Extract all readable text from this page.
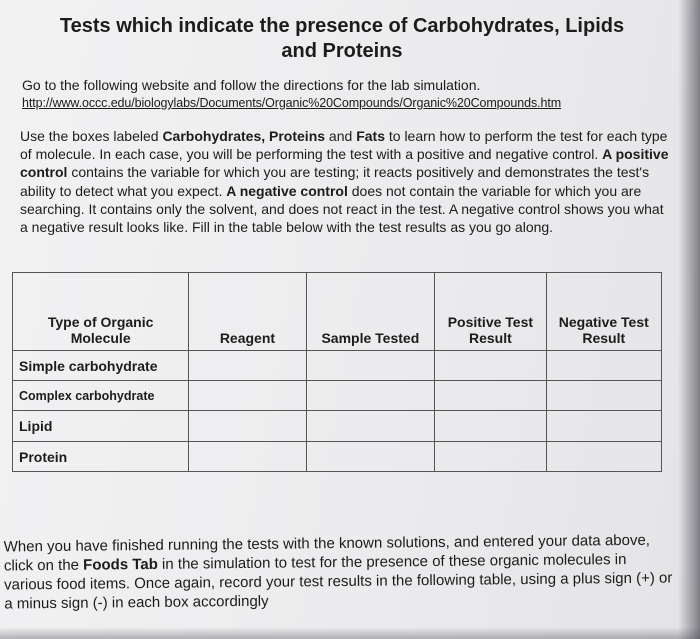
Tests which indicate the presence of Carbohydrates, Lipids and Proteins
Go to the following website and follow the directions for the lab simulation.
http://www.occc.edu/biologylabs/Documents/Organic%20Compounds/Organic%20Compounds.htm
Use the boxes labeled Carbohydrates, Proteins and Fats to learn how to perform the test for each type of molecule. In each case, you will be performing the test with a positive and negative control. A positive control contains the variable for which you are testing; it reacts positively and demonstrates the test's ability to detect what you expect. A negative control does not contain the variable for which you are searching. It contains only the solvent, and does not react in the test. A negative control shows you what a negative result looks like. Fill in the table below with the test results as you go along.
Type of Organic Molecule	Reagent	Sample Tested	Positive Test Result	Negative Test Result
Simple carbohydrate				
Complex carbohydrate				
Lipid				
Protein				
When you have finished running the tests with the known solutions, and entered your data above, click on the Foods Tab in the simulation to test for the presence of these organic molecules in various food items. Once again, record your test results in the following table, using a plus sign (+) or a minus sign (-) in each box accordingly
